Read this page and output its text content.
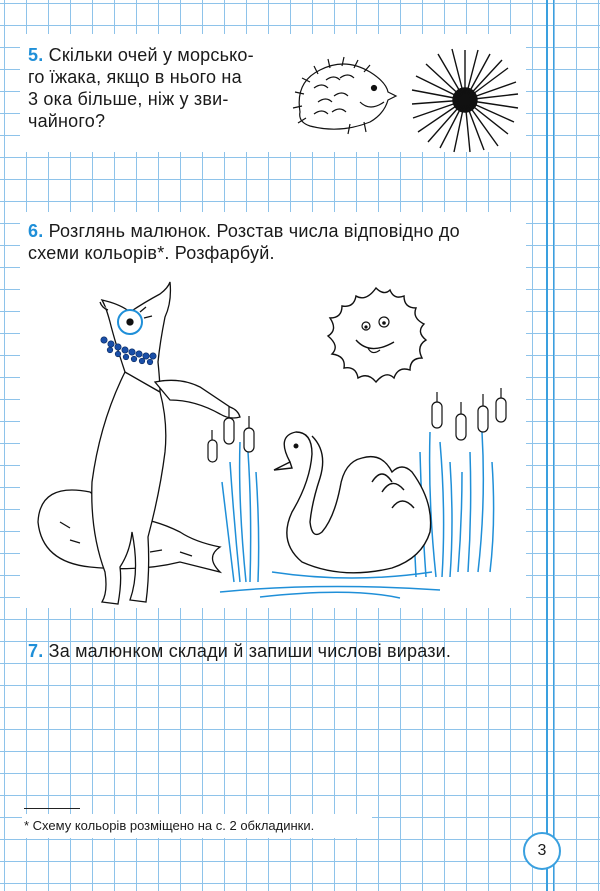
5. Скільки очей у морсько-
го їжака, якщо в нього на
3 ока більше, ніж у зви-
чайного?
6. Розглянь малюнок. Розстав числа відповідно до
схеми кольорів*. Розфарбуй.
7. За малюнком склади й запиши числові вирази.
* Схему кольорів розміщено на с. 2 обкладинки.
3
